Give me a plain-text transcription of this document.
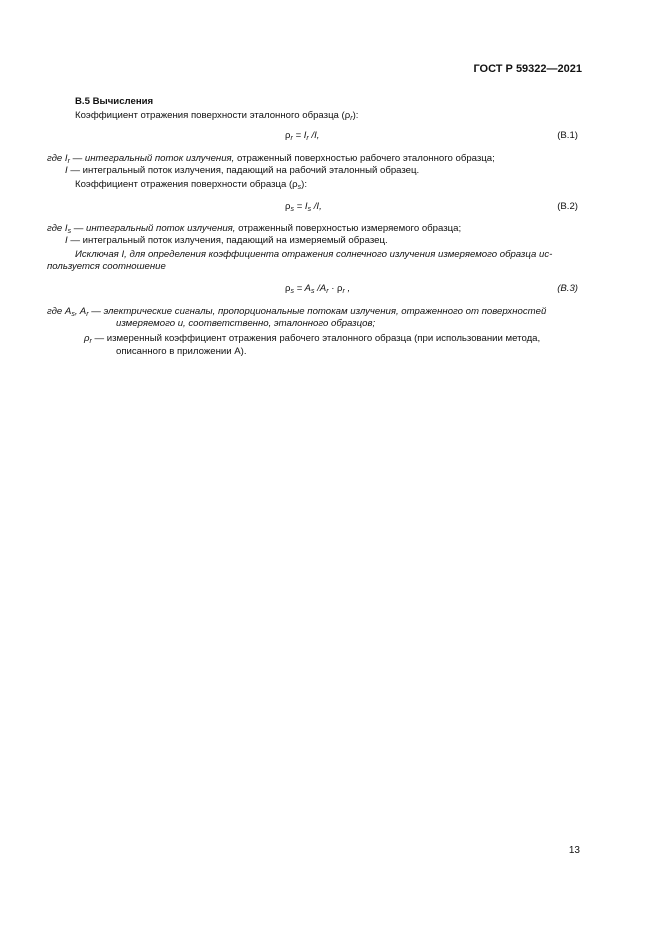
ГОСТ Р 59322—2021
В.5 Вычисления
Коэффициент отражения поверхности эталонного образца $(\rho_r)$:
$\rho_r = I_r$ /I,	(В.1)
где $I_r$ — интегральный поток излучения, отраженный поверхностью рабочего эталонного образца;
I — интегральный поток излучения, падающий на рабочий эталонный образец.
Коэффициент отражения поверхности образца $(\rho_s)$:
$\rho_s = I_s$ /I,	(В.2)
где $I_s$ — интегральный поток излучения, отраженный поверхностью измеряемого образца;
I — интегральный поток излучения, падающий на измеряемый образец.
Исключая I, для определения коэффициента отражения солнечного излучения измеряемого образца ис-
пользуется соотношение
$\rho_s = A_s$ $/A_r \cdot \rho_r$ ,	(В.3)
где $A_s$, $A_r$ — электрические сигналы, пропорциональные потокам излучения, отраженного от поверхностей
измеряемого и, соответственно, эталонного образцов;
$\rho_r$ — измеренный коэффициент отражения рабочего эталонного образца (при использовании метода,
описанного в приложении А).
13
